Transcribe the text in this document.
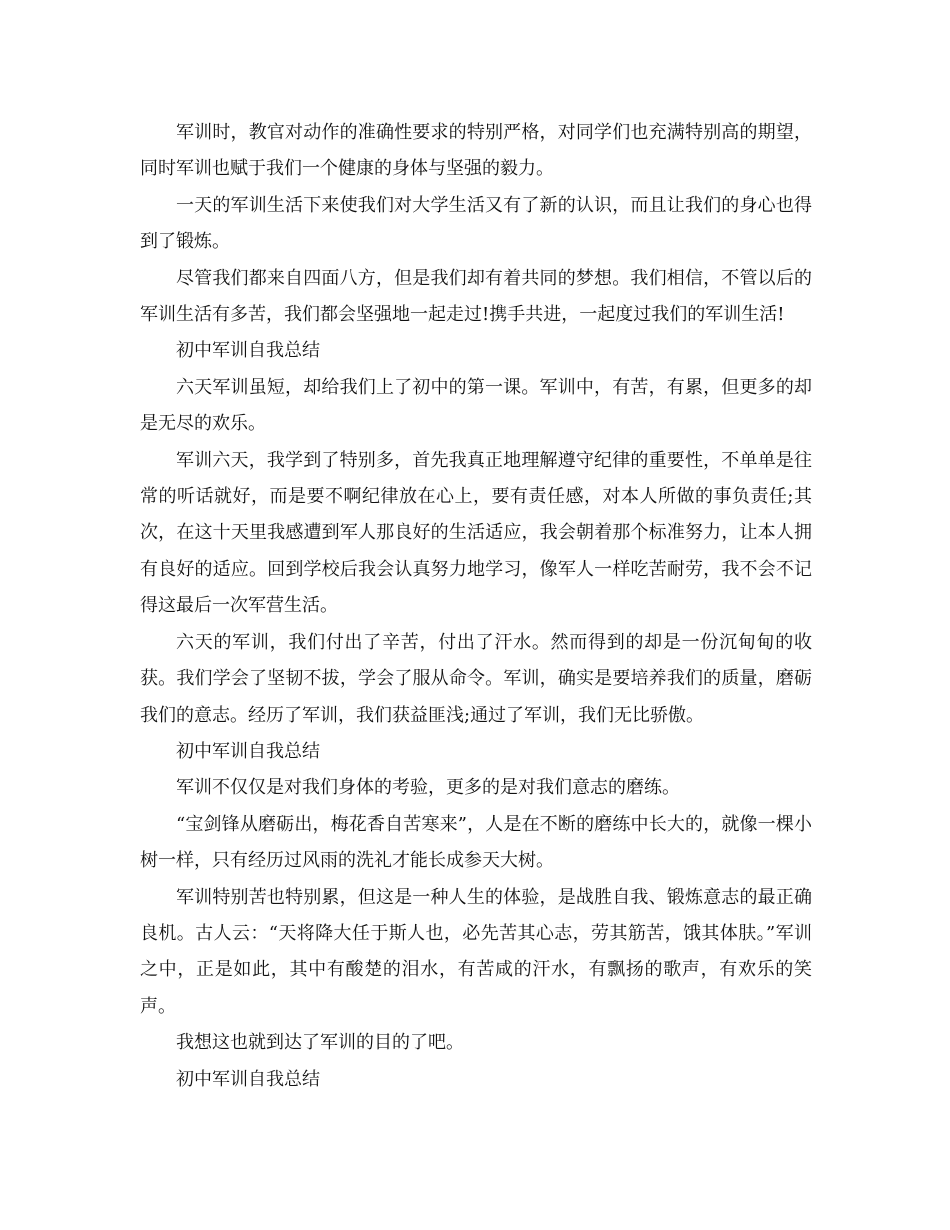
军训时，教官对动作的准确性要求的特别严格，对同学们也充满特别高的期望，同时军训也赋于我们一个健康的身体与坚强的毅力。

一天的军训生活下来使我们对大学生活又有了新的认识，而且让我们的身心也得到了锻炼。

尽管我们都来自四面八方，但是我们却有着共同的梦想。我们相信，不管以后的军训生活有多苦，我们都会坚强地一起走过!携手共进，一起度过我们的军训生活!

初中军训自我总结

六天军训虽短，却给我们上了初中的第一课。军训中，有苦，有累，但更多的却是无尽的欢乐。

军训六天，我学到了特别多，首先我真正地理解遵守纪律的重要性，不单单是往常的听话就好，而是要不啊纪律放在心上，要有责任感，对本人所做的事负责任;其次，在这十天里我感遭到军人那良好的生活适应，我会朝着那个标准努力，让本人拥有良好的适应。回到学校后我会认真努力地学习，像军人一样吃苦耐劳，我不会不记得这最后一次军营生活。

六天的军训，我们付出了辛苦，付出了汗水。然而得到的却是一份沉甸甸的收获。我们学会了坚韧不拔，学会了服从命令。军训，确实是要培养我们的质量，磨砺我们的意志。经历了军训，我们获益匪浅;通过了军训，我们无比骄傲。

初中军训自我总结

军训不仅仅是对我们身体的考验，更多的是对我们意志的磨练。

“宝剑锋从磨砺出，梅花香自苦寒来”，人是在不断的磨练中长大的，就像一棵小树一样，只有经历过风雨的洗礼才能长成参天大树。

军训特别苦也特别累，但这是一种人生的体验，是战胜自我、锻炼意志的最正确良机。古人云：“天将降大任于斯人也，必先苦其心志，劳其筋苦，饿其体肤。”军训之中，正是如此，其中有酸楚的泪水，有苦咸的汗水，有飘扬的歌声，有欢乐的笑声。

我想这也就到达了军训的目的了吧。

初中军训自我总结
